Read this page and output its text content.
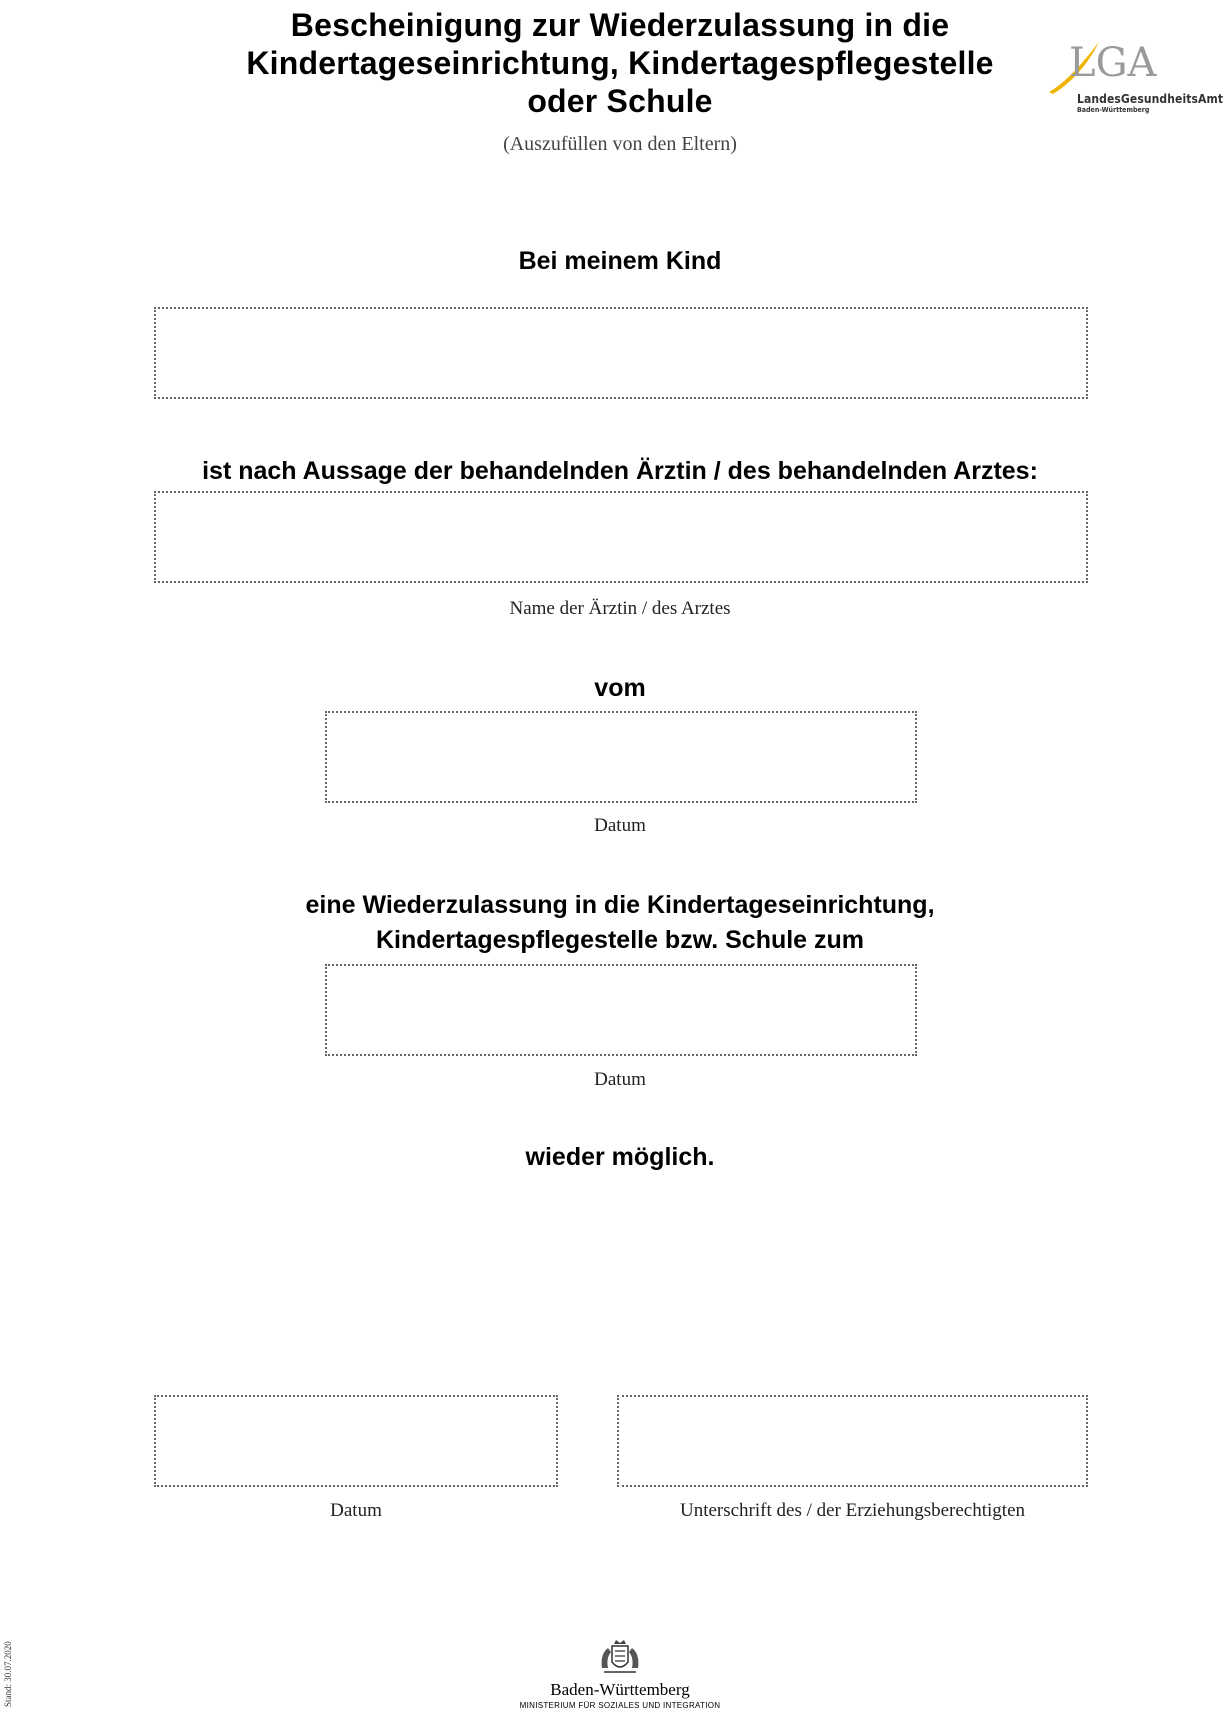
Bescheinigung zur Wiederzulassung in die
Kindertageseinrichtung, Kindertagespflegestelle
oder Schule
(Auszufüllen von den Eltern)
LGA
LandesGesundheitsAmt
Baden-Württemberg
Bei meinem Kind
ist nach Aussage der behandelnden Ärztin / des behandelnden Arztes:
Name der Ärztin / des Arztes
vom
Datum
eine Wiederzulassung in die Kindertageseinrichtung,
Kindertagespflegestelle bzw. Schule zum
Datum
wieder möglich.
Datum	Unterschrift des / der Erziehungsberechtigten
Stand: 30.07.2020	Baden-Württemberg
MINISTERIUM FÜR SOZIALES UND INTEGRATION
